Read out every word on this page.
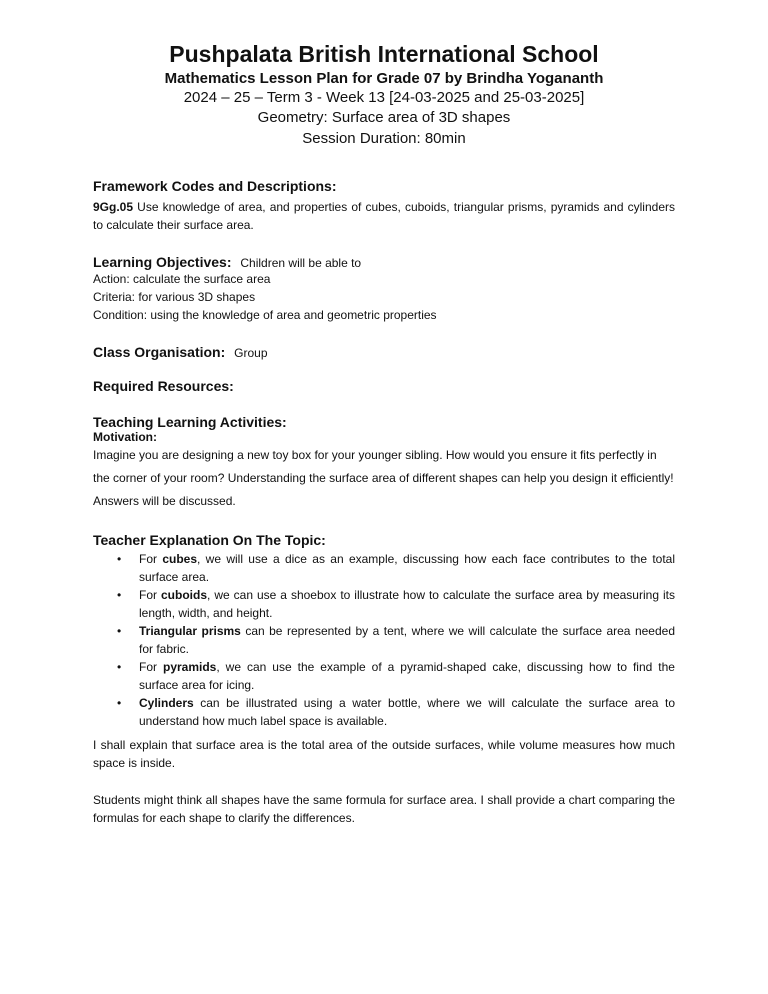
Pushpalata British International School
Mathematics Lesson Plan for Grade 07 by Brindha Yogananth
2024 – 25 – Term 3 - Week 13 [24-03-2025 and 25-03-2025]
Geometry: Surface area of 3D shapes
Session Duration: 80min
Framework Codes and Descriptions:
9Gg.05 Use knowledge of area, and properties of cubes, cuboids, triangular prisms, pyramids and cylinders to calculate their surface area.
Learning Objectives: Children will be able to
Action: calculate the surface area
Criteria: for various 3D shapes
Condition: using the knowledge of area and geometric properties
Class Organisation: Group
Required Resources:
Teaching Learning Activities:
Motivation:
Imagine you are designing a new toy box for your younger sibling. How would you ensure it fits perfectly in the corner of your room? Understanding the surface area of different shapes can help you design it efficiently! Answers will be discussed.
Teacher Explanation On The Topic:
• For cubes, we will use a dice as an example, discussing how each face contributes to the total surface area.
• For cuboids, we can use a shoebox to illustrate how to calculate the surface area by measuring its length, width, and height.
• Triangular prisms can be represented by a tent, where we will calculate the surface area needed for fabric.
• For pyramids, we can use the example of a pyramid-shaped cake, discussing how to find the surface area for icing.
• Cylinders can be illustrated using a water bottle, where we will calculate the surface area to understand how much label space is available.
I shall explain that surface area is the total area of the outside surfaces, while volume measures how much space is inside.
Students might think all shapes have the same formula for surface area. I shall provide a chart comparing the formulas for each shape to clarify the differences.
